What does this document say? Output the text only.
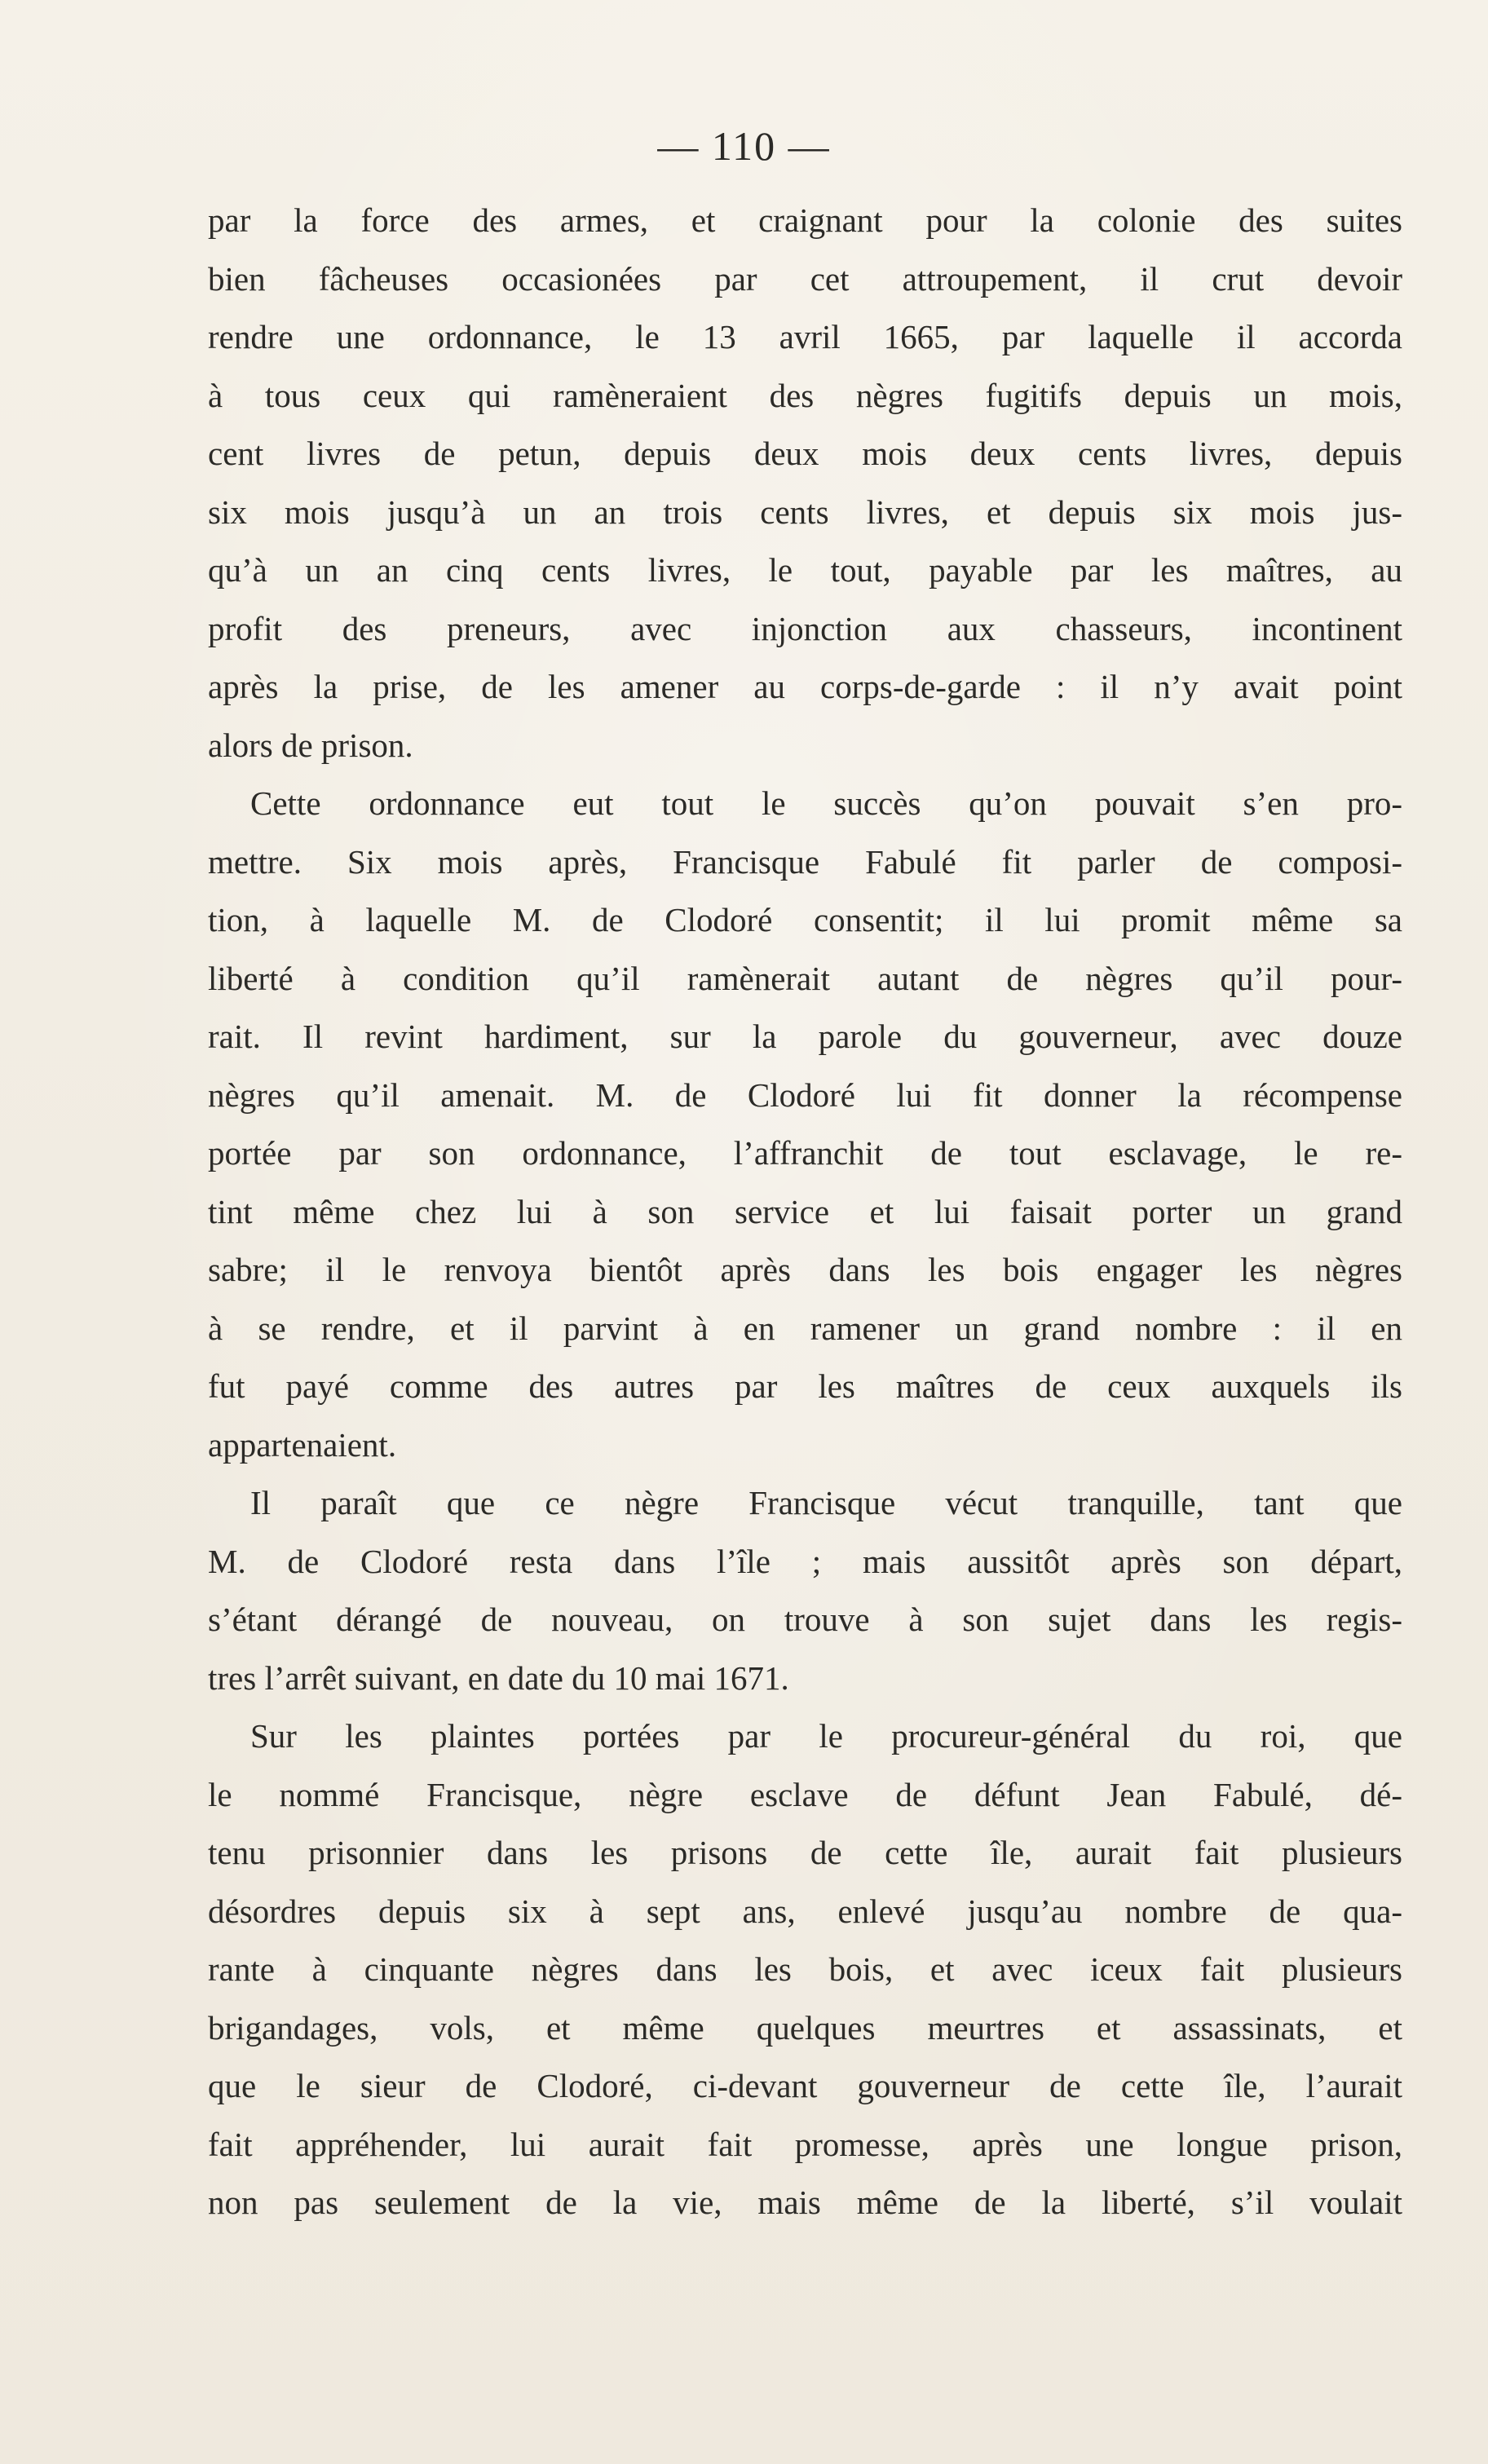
— 110 —
par la force des armes, et craignant pour la colonie des suites
bien fâcheuses occasionées par cet attroupement, il crut devoir
rendre une ordonnance, le 13 avril 1665, par laquelle il accorda
à tous ceux qui ramèneraient des nègres fugitifs depuis un mois,
cent livres de petun, depuis deux mois deux cents livres, depuis
six mois jusqu’à un an trois cents livres, et depuis six mois jus-
qu’à un an cinq cents livres, le tout, payable par les maîtres, au
profit des preneurs, avec injonction aux chasseurs, incontinent
après la prise, de les amener au corps-de-garde : il n’y avait point
alors de prison.
Cette ordonnance eut tout le succès qu’on pouvait s’en pro-
mettre. Six mois après, Francisque Fabulé fit parler de composi-
tion, à laquelle M. de Clodoré consentit; il lui promit même sa
liberté à condition qu’il ramènerait autant de nègres qu’il pour-
rait. Il revint hardiment, sur la parole du gouverneur, avec douze
nègres qu’il amenait. M. de Clodoré lui fit donner la récompense
portée par son ordonnance, l’affranchit de tout esclavage, le re-
tint même chez lui à son service et lui faisait porter un grand
sabre; il le renvoya bientôt après dans les bois engager les nègres
à se rendre, et il parvint à en ramener un grand nombre : il en
fut payé comme des autres par les maîtres de ceux auxquels ils
appartenaient.
Il paraît que ce nègre Francisque vécut tranquille, tant que
M. de Clodoré resta dans l’île ; mais aussitôt après son départ,
s’étant dérangé de nouveau, on trouve à son sujet dans les regis-
tres l’arrêt suivant, en date du 10 mai 1671.
Sur les plaintes portées par le procureur-général du roi, que
le nommé Francisque, nègre esclave de défunt Jean Fabulé, dé-
tenu prisonnier dans les prisons de cette île, aurait fait plusieurs
désordres depuis six à sept ans, enlevé jusqu’au nombre de qua-
rante à cinquante nègres dans les bois, et avec iceux fait plusieurs
brigandages, vols, et même quelques meurtres et assassinats, et
que le sieur de Clodoré, ci-devant gouverneur de cette île, l’aurait
fait appréhender, lui aurait fait promesse, après une longue prison,
non pas seulement de la vie, mais même de la liberté, s’il voulait
